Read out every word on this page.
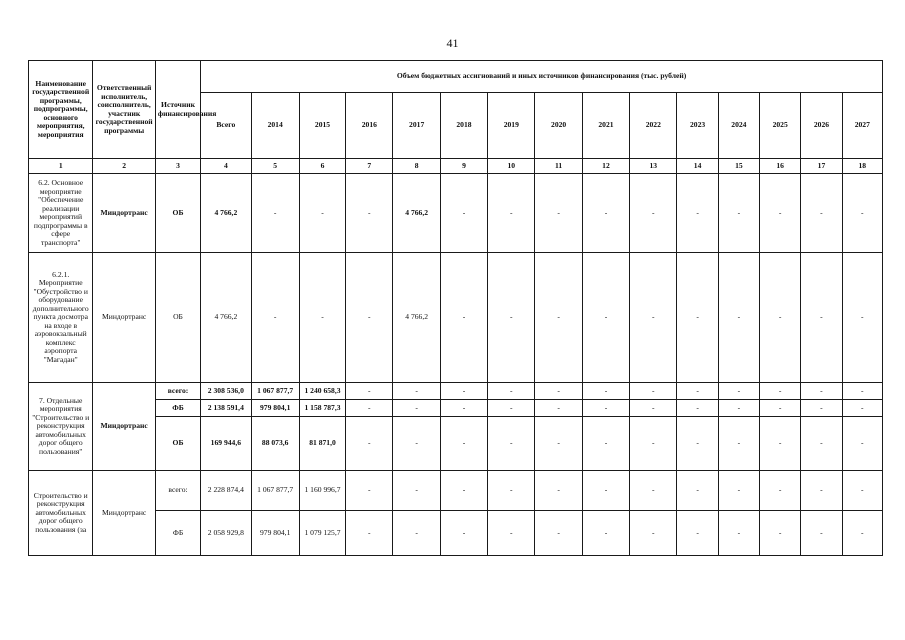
41
Наименование государственной программы, подпрограммы, основного мероприятия, мероприятия	Ответственный исполнитель, соисполнитель, участник государственной программы	Источник финансирования	Объем бюджетных ассигнований и иных источников финансирования (тыс. рублей)														
			Всего	2014	2015	2016	2017	2018	2019	2020	2021	2022	2023	2024	2025	2026	2027
1	2	3	4	5	6	7	8	9	10	11	12	13	14	15	16	17	18
6.2. Основное мероприятие "Обеспечение реализации мероприятий подпрограммы в сфере транспорта"	Миндортранс	ОБ	4 766,2	-	-	-	4 766,2	-	-	-	-	-	-	-	-	-	-
6.2.1. Мероприятие "Обустройство и оборудование дополнительного пункта досмотра на входе в аэровокзальный комплекс аэропорта "Магадан"	Миндортранс	ОБ	4 766,2	-	-	-	4 766,2	-	-	-	-	-	-	-	-	-	-
7. Отдельные мероприятия "Строительство и реконструкция автомобильных дорог общего пользования"	Миндортранс	всего:	2 308 536,0	1 067 877,7	1 240 658,3	-	-	-	-	-	-	-	-	-	-	-	-
		ФБ	2 138 591,4	979 804,1	1 158 787,3	-	-	-	-	-	-	-	-	-	-	-	-
		ОБ	169 944,6	88 073,6	81 871,0	-	-	-	-	-	-	-	-	-	-	-	-
Строительство и реконструкция автомобильных дорог общего пользования (за	Миндортранс	всего:	2 228 874,4	1 067 877,7	1 160 996,7	-	-	-	-	-	-	-	-	-	-	-	-
		ФБ	2 058 929,8	979 804,1	1 079 125,7	-	-	-	-	-	-	-	-	-	-	-	-
